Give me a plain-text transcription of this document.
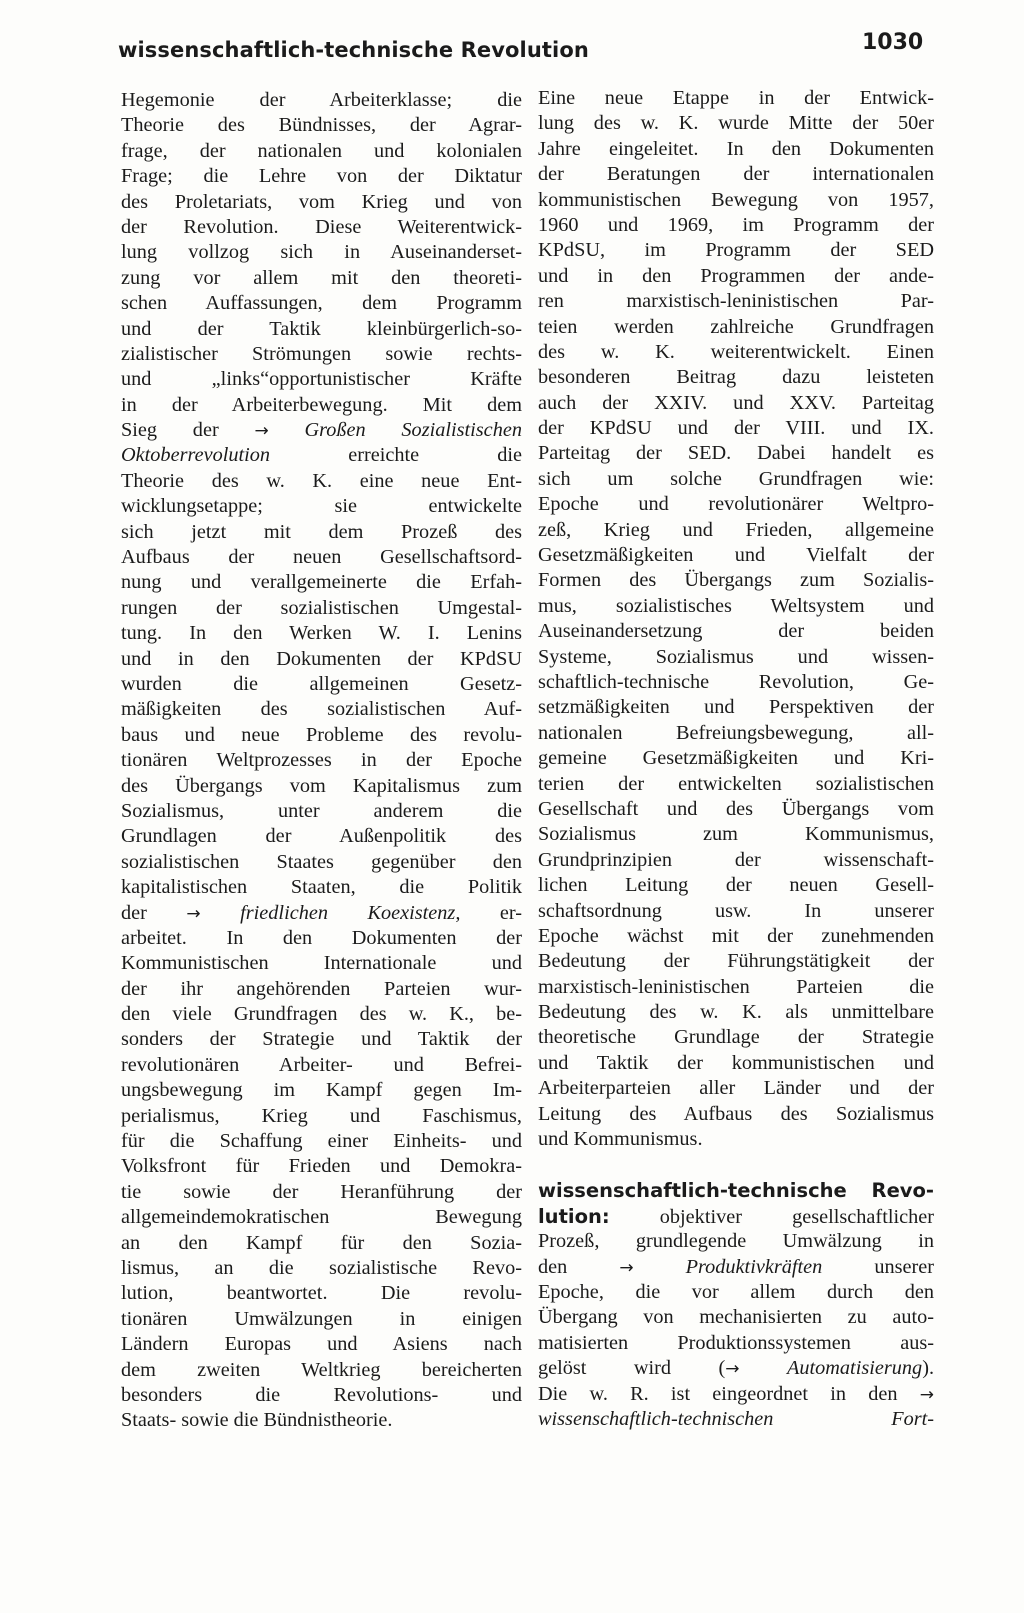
wissenschaftlich-technische Revolution	1030
Hegemonie der Arbeiterklasse; die
Theorie des Bündnisses, der Agrar-
frage, der nationalen und kolonialen
Frage; die Lehre von der Diktatur
des Proletariats, vom Krieg und von
der Revolution. Diese Weiterentwick-
lung vollzog sich in Auseinanderset-
zung vor allem mit den theoreti-
schen Auffassungen, dem Programm
und der Taktik kleinbürgerlich-so-
zialistischer Strömungen sowie rechts-
und „links“opportunistischer Kräfte
in der Arbeiterbewegung. Mit dem
Sieg der → Großen Sozialistischen
Oktoberrevolution	erreichte die
Theorie des w. K. eine neue Ent-
wicklungsetappe; sie entwickelte
sich jetzt mit dem Prozeß des
Aufbaus der neuen Gesellschaftsord-
nung und verallgemeinerte die Erfah-
rungen der sozialistischen Umgestal-
tung. In den Werken W. I. Lenins
und in den Dokumenten der KPdSU
wurden die allgemeinen Gesetz-
mäßigkeiten des sozialistischen Auf-
baus und neue Probleme des revolu-
tionären Weltprozesses in der Epoche
des Übergangs vom Kapitalismus zum
Sozialismus, unter anderem die
Grundlagen der Außenpolitik des
sozialistischen Staates gegenüber den
kapitalistischen Staaten, die Politik
der → friedlichen Koexistenz, er-
arbeitet. In den Dokumenten der
Kommunistischen Internationale und
der ihr angehörenden Parteien wur-
den viele Grundfragen des w. K., be-
sonders der Strategie und Taktik der
revolutionären Arbeiter- und Befrei-
ungsbewegung im Kampf gegen Im-
perialismus, Krieg und Faschismus,
für die Schaffung einer Einheits- und
Volksfront für Frieden und Demokra-
tie sowie der Heranführung der
allgemeindemokratischen Bewegung
an den Kampf für den Sozia-
lismus, an die sozialistische Revo-
lution, beantwortet. Die revolu-
tionären Umwälzungen in einigen
Ländern Europas und Asiens nach
dem zweiten Weltkrieg bereicherten
besonders die Revolutions- und
Staats- sowie die Bündnistheorie.
Eine neue Etappe in der Entwick-
lung des w. K. wurde Mitte der 50er
Jahre eingeleitet. In den Dokumenten
der Beratungen der internationalen
kommunistischen Bewegung von 1957,
1960 und 1969, im Programm der
KPdSU, im Programm der SED
und in den Programmen der ande-
ren marxistisch-leninistischen Par-
teien werden zahlreiche Grundfragen
des w. K. weiterentwickelt. Einen
besonderen Beitrag dazu leisteten
auch der XXIV. und XXV. Parteitag
der KPdSU und der VIII. und IX.
Parteitag der SED. Dabei handelt es
sich um solche Grundfragen wie:
Epoche und revolutionärer Weltpro-
zeß, Krieg und Frieden, allgemeine
Gesetzmäßigkeiten und Vielfalt der
Formen des Übergangs zum Sozialis-
mus, sozialistisches Weltsystem und
Auseinandersetzung der beiden
Systeme, Sozialismus und wissen-
schaftlich-technische Revolution, Ge-
setzmäßigkeiten und Perspektiven der
nationalen Befreiungsbewegung, all-
gemeine Gesetzmäßigkeiten und Kri-
terien der entwickelten sozialistischen
Gesellschaft und des Übergangs vom
Sozialismus zum Kommunismus,
Grundprinzipien der wissenschaft-
lichen Leitung der neuen Gesell-
schaftsordnung usw. In unserer
Epoche wächst mit der zunehmenden
Bedeutung der Führungstätigkeit der
marxistisch-leninistischen Parteien die
Bedeutung des w. K. als unmittelbare
theoretische Grundlage der Strategie
und Taktik der kommunistischen und
Arbeiterparteien aller Länder und der
Leitung des Aufbaus des Sozialismus
und Kommunismus.
wissenschaftlich-technische Revo-
lution: objektiver gesellschaftlicher
Prozeß, grundlegende Umwälzung in
den	→	Produktivkräften	unserer
Epoche, die vor allem durch den
Übergang von mechanisierten zu auto-
matisierten Produktionssystemen aus-
gelöst wird (→ Automatisierung).
Die w. R. ist eingeordnet in den →
wissenschaftlich-technischen	Fort-
